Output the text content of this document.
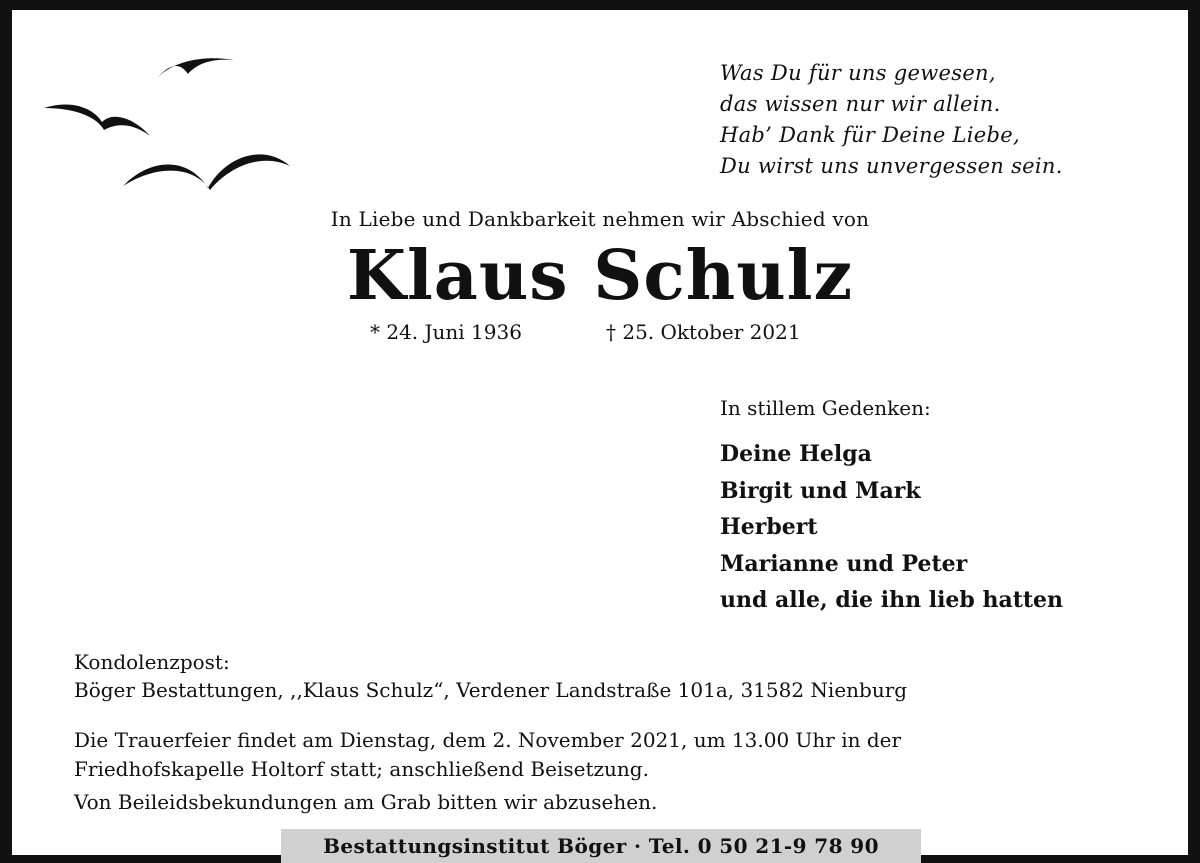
Was Du für uns gewesen,
das wissen nur wir allein.
Hab’ Dank für Deine Liebe,
Du wirst uns unvergessen sein.
In Liebe und Dankbarkeit nehmen wir Abschied von
Klaus Schulz
* 24. Juni 1936	† 25. Oktober 2021
In stillem Gedenken:
Deine Helga
Birgit und Mark
Herbert
Marianne und Peter
und alle, die ihn lieb hatten
Kondolenzpost:
Böger Bestattungen, ,,Klaus Schulz“, Verdener Landstraße 101a, 31582 Nienburg
Die Trauerfeier findet am Dienstag, dem 2. November 2021, um 13.00 Uhr in der
Friedhofskapelle Holtorf statt; anschließend Beisetzung.
Von Beileidsbekundungen am Grab bitten wir abzusehen.
Bestattungsinstitut Böger · Tel. 0 50 21-9 78 90
